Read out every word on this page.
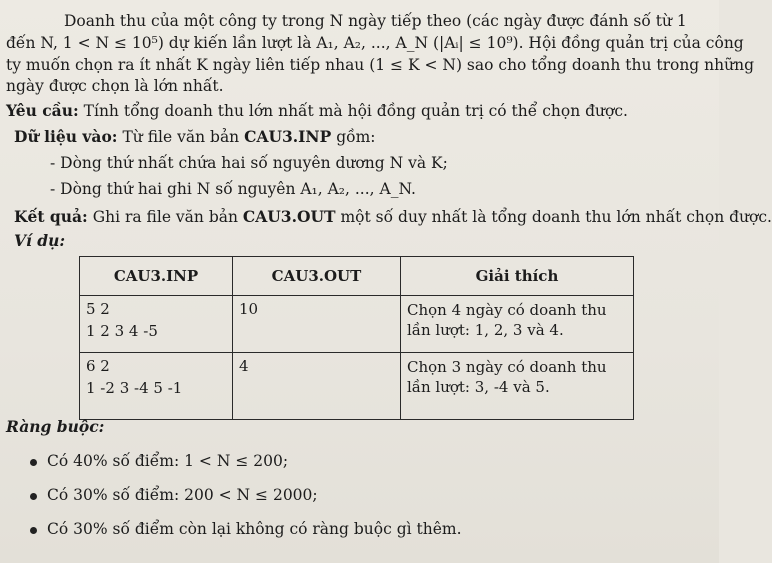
Doanh thu của một công ty trong N ngày tiếp theo (các ngày được đánh số từ 1
đến N, 1 < N ≤ 10⁵) dự kiến lần lượt là A₁, A₂, ..., A_N (|Aᵢ| ≤ 10⁹). Hội đồng quản trị của công
ty muốn chọn ra ít nhất K ngày liên tiếp nhau (1 ≤ K < N) sao cho tổng doanh thu trong những
ngày được chọn là lớn nhất.
Yêu cầu: Tính tổng doanh thu lớn nhất mà hội đồng quản trị có thể chọn được.
Dữ liệu vào: Từ file văn bản CAU3.INP gồm:
- Dòng thứ nhất chứa hai số nguyên dương N và K;
- Dòng thứ hai ghi N số nguyên A₁, A₂, ..., A_N.
Kết quả: Ghi ra file văn bản CAU3.OUT một số duy nhất là tổng doanh thu lớn nhất chọn được.
Ví dụ:
CAU3.INP	CAU3.OUT	Giải thích

5 2
1 2 3 4 -5	10	Chọn 4 ngày có doanh thu lần lượt: 1, 2, 3 và 4.

6 2
1 -2 3 -4 5 -1	4	Chọn 3 ngày có doanh thu lần lượt: 3, -4 và 5.
Ràng buộc:
Có 40% số điểm: 1 < N ≤ 200;
Có 30% số điểm: 200 < N ≤ 2000;
Có 30% số điểm còn lại không có ràng buộc gì thêm.
